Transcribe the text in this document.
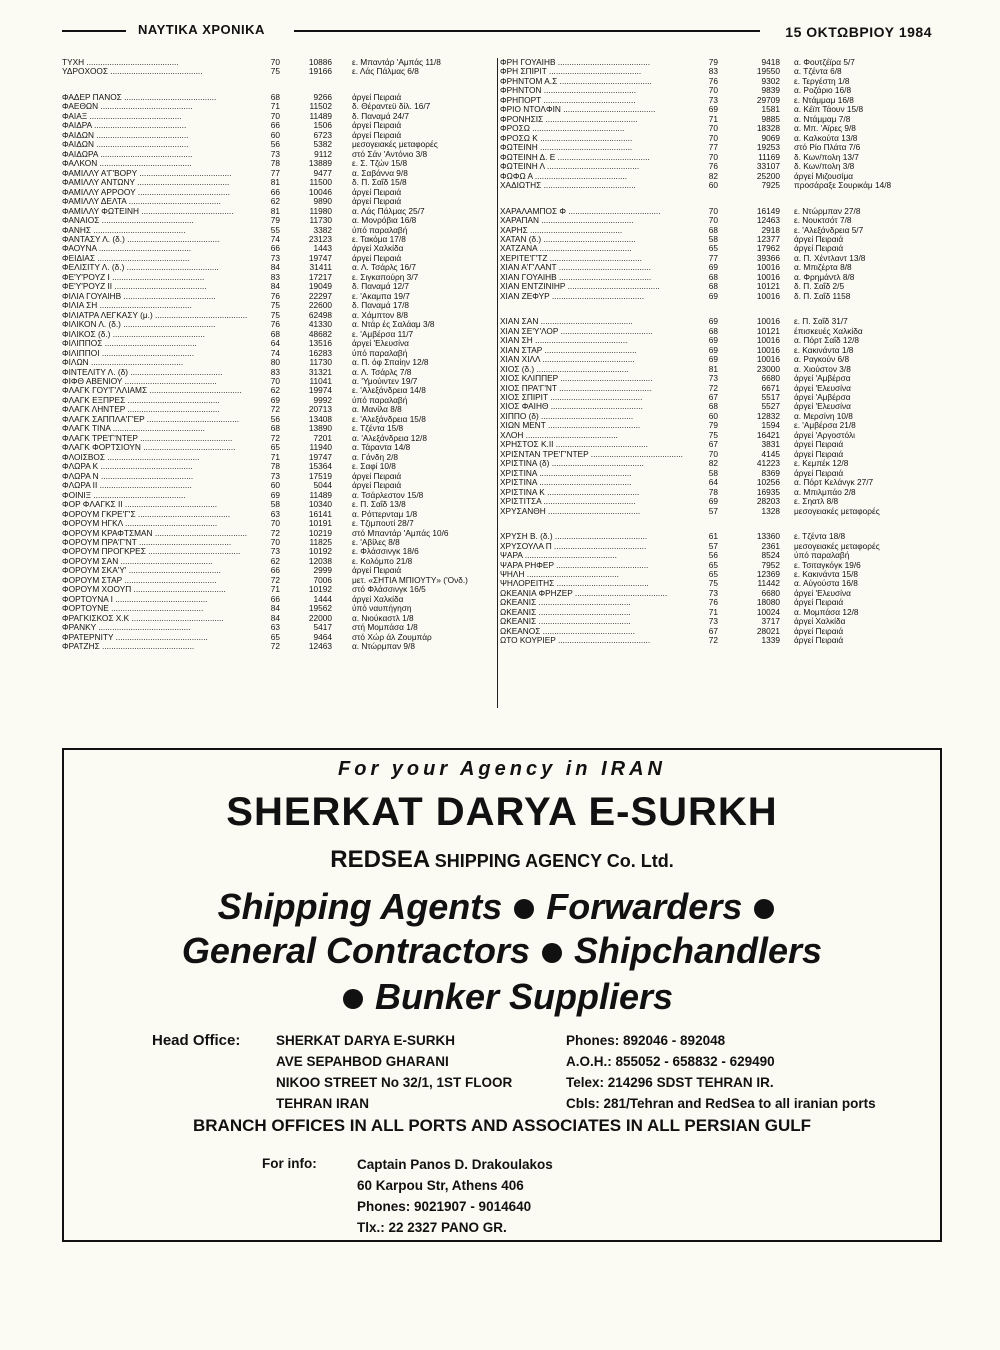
ΝΑΥΤΙΚΑ ΧΡΟΝΙΚΑ	15 ΟΚΤΩΒΡΙΟΥ 1984
ΤΥΧΗ ........................................	70	10886	ε. Μπαντάρ 'Αμπάς 11/8
ΥΔΡΟΧΟΟΣ ........................................	75	19166	ε. Λάς Πάλμας 6/8
ΦΑΔΕΡ ΠΑΝΟΣ ........................................	68	9266	άργεί Πειραιά
ΦΑΕΘΩΝ ........................................	71	11502	δ. Θέραντεϋ δίλ. 16/7
ΦΑΙΑΞ ........................................	70	11489	δ. Παναμά 24/7
ΦΑΙΔΡΑ ........................................	66	1506	άργεί Πειραιά
ΦΑΙΔΩΝ ........................................	60	6723	άργεί Πειραιά
ΦΑΙΔΩΝ ........................................	56	5382	μεσογειακές μεταφορές
ΦΑΙΔΩΡΑ ........................................	73	9112	στό Σάν 'Αντόνιο 3/8
ΦΑΛΚΟΝ ........................................	78	13889	ε. Σ. Τζών 15/8
ΦΑΜΙΛΛΥ Α'Γ'ΒΟΡΥ ........................................	77	9477	α. Σαβάννα 9/8
ΦΑΜΙΛΛΥ ΑΝΤΩΝΥ ........................................	81	11500	δ. Π. Σαΐδ 15/8
ΦΑΜΙΛΛΥ ΑΡΡΟΟΥ ........................................	66	10046	άργεί Πειραιά
ΦΑΜΙΛΛΥ ΔΕΛΤΑ ........................................	62	9890	άργεί Πειραιά
ΦΑΜΙΛΛΥ ΦΩΤΕΙΝΗ ........................................	81	11980	α. Λάς Πάλμας 25/7
ΦΑΝΑΙΟΣ ........................................	79	11730	α. Μονρόβια 16/8
ΦΑΝΗΣ ........................................	55	3382	ύπό παραλαβή
ΦΑΝΤΑΣΥ Λ. (δ.) ........................................	74	23123	ε. Τακόμα 17/8
ΦΑΟΥΝΑ ........................................	66	1443	άργεί Χαλκίδα
ΦΕΙΔΙΑΣ ........................................	73	19747	άργεί Πειραιά
ΦΕΛΙΣΙΤΥ Λ. (δ.) ........................................	84	31411	α. Λ. Τσάρλς 16/7
ΦΕ'Υ'ΡΟΥΖ Ι ........................................	83	17217	ε. Σιγκαπούρη 3/7
ΦΕ'Υ'ΡΟΥΖ ΙΙ ........................................	84	19049	δ. Παναμά 12/7
ΦΙΛΙΑ ΓΟΥΑΙΗΒ ........................................	76	22297	ε. 'Ακαμπα 19/7
ΦΙΛΙΑ ΣΗ ........................................	75	22600	δ. Παναμά 17/8
ΦΙΛΙΑΤΡΑ ΛΕΓΚΑΣΥ (μ.) ........................................	75	62498	α. Χάμπτον 8/8
ΦΙΛΙΚΟΝ Λ. (δ.) ........................................	76	41330	α. Ντάρ ές Σαλάαμ 3/8
ΦΙΛΙΚΟΣ (δ.) ........................................	68	48682	ε. 'Αμβέρσα 11/7
ΦΙΛΙΠΠΟΣ ........................................	64	13516	άργεί 'Ελευσίνα
ΦΙΛΙΠΠΟΙ ........................................	74	16283	ύπό παραλαβή
ΦΙΛΩΝ ........................................	80	11730	α. Π. όφ Σπαίην 12/8
ΦΙΝΤΕΛΙΤΥ Λ. (δ) ........................................	83	31321	α. Λ. Τσάρλς 7/8
ΦΙΦΘ ΑΒΕΝΙΟΥ ........................................	70	11041	α. 'Υμούιντεν 19/7
ΦΛΑΓΚ ΓΟΥ'Γ'ΛΛΙΑΜΣ ........................................	62	19974	ε. 'Αλεξάνδρεια 14/8
ΦΛΑΓΚ ΕΞΠΡΕΣ ........................................	69	9992	ύπό παραλαβή
ΦΛΑΓΚ ΛΗΝΤΕΡ ........................................	72	20713	α. Μανίλα 8/8
ΦΛΑΓΚ ΣΑΠΠΛΑ'Γ'ΕΡ ........................................	56	13408	ε. 'Αλεξάνδρεια 15/8
ΦΛΑΓΚ ΤΙΝΑ ........................................	68	13890	ε. Τζέντα 15/8
ΦΛΑΓΚ ΤΡΕ'Γ'ΝΤΕΡ ........................................	72	7201	α. 'Αλεξάνδρεια 12/8
ΦΛΑΓΚ ΦΟΡΤΣΙΟΥΝ ........................................	65	11940	α. Τάραντα 14/8
ΦΛΟΙΣΒΟΣ ........................................	71	19747	α. Γάνδη 2/8
ΦΛΩΡΑ Κ ........................................	78	15364	ε. Σαφί 10/8
ΦΛΩΡΑ Ν ........................................	73	17519	άργεί Πειραιά
ΦΛΩΡΑ ΙΙ ........................................	60	5044	άργεί Πειραιά
ΦΟΙΝΙΞ ........................................	69	11489	α. Τσάρλεστον 15/8
ΦΟΡ ΦΛΑΓΚΣ ΙΙ ........................................	58	10340	ε. Π. Σαΐδ 13/8
ΦΟΡΟΥΜ ΓΚΡΕ'Γ'Σ ........................................	63	16141	α. Ρόττερνταμ 1/8
ΦΟΡΟΥΜ ΗΓΚΛ ........................................	70	10191	ε. Τζιμπουτί 28/7
ΦΟΡΟΥΜ ΚΡΑΦΤΣΜΑΝ ........................................	72	10219	στό Μπαντάρ 'Αμπάς 10/6
ΦΟΡΟΥΜ ΠΡΑ'Γ'ΝΤ ........................................	70	11825	ε. 'Αβίλες 8/8
ΦΟΡΟΥΜ ΠΡΟΓΚΡΕΣ ........................................	73	10192	ε. Φλάσσινγκ 18/6
ΦΟΡΟΥΜ ΣΑΝ ........................................	62	12038	ε. Κολόμπο 21/8
ΦΟΡΟΥΜ ΣΚΑ'Υ' ........................................	66	2999	άργεί Πειραιά
ΦΟΡΟΥΜ ΣΤΑΡ ........................................	72	7006	μετ. «ΣΗΤΙΑ ΜΠΙΟΥΤΥ» ('Ονδ.)
ΦΟΡΟΥΜ ΧΟΟΥΠ ........................................	71	10192	στό Φλάσσινγκ 16/5
ΦΟΡΤΟΥΝΑ Ι ........................................	66	1444	άργεί Χαλκίδα
ΦΟΡΤΟΥΝΕ ........................................	84	19562	ύπό ναυπήγηση
ΦΡΑΓΚΙΣΚΟΣ Χ.Κ ........................................	84	22000	α. Νιούκαστλ 1/8
ΦΡΑΝΚΥ ........................................	63	5417	στή Μομπάσα 1/8
ΦΡΑΤΕΡΝΙΤΥ ........................................	65	9464	στό Χώρ άλ Ζουμπάρ
ΦΡΑΤΖΗΣ ........................................	72	12463	α. Ντώρμπαν 9/8
ΦΡΗ ΓΟΥΑΙΗΒ ........................................	79	9418	α. Φουτζέϊρα 5/7
ΦΡΗ ΣΠΙΡΙΤ ........................................	83	19550	α. Τζέντα 6/8
ΦΡΗΝΤΟΜ Α.Σ ........................................	76	9302	ε. Τεργέστη 1/8
ΦΡΗΝΤΟΝ ........................................	70	9839	α. Ροζάριο 16/8
ΦΡΗΠΟΡΤ ........................................	73	29709	ε. Ντάμμαμ 16/8
ΦΡΙΟ ΝΤΟΛΦΙΝ ........................................	69	1581	α. Κέϊπ Τάουν 15/8
ΦΡΟΝΗΣΙΣ ........................................	71	9885	α. Ντάμμαμ 7/8
ΦΡΟΣΩ ........................................	70	18328	α. Μπ. 'Αϊρες 9/8
ΦΡΟΣΩ Κ ........................................	70	9069	α. Καλκούτα 13/8
ΦΩΤΕΙΝΗ ........................................	77	19253	στό Ρίο Πλάτα 7/6
ΦΩΤΕΙΝΗ Δ. Ε ........................................	70	11169	δ. Κων/πολη 13/7
ΦΩΤΕΙΝΗ Λ ........................................	76	33107	δ. Κων/πολη 3/8
ΦΩΦΩ Α ........................................	82	25200	άργεί Μιζουσίμα
ΧΑΔΙΩΤΗΣ ........................................	60	7925	προσάραξε Σουρικάμ 14/8
ΧΑΡΑΛΑΜΠΟΣ Φ ........................................	70	16149	ε. Ντώρμπαν 27/8
ΧΑΡΑΠΑΝ ........................................	70	12463	ε. Νουκτσότ 7/8
ΧΑΡΗΣ ........................................	68	2918	ε. 'Αλεξάνδρεια 5/7
ΧΑΤΑΝ (δ.) ........................................	58	12377	άργεί Πειραιά
ΧΑΤΖΑΝΑ ........................................	65	17962	άργεί Πειραιά
ΧΕΡΙΤΕ'Γ'ΤΖ ........................................	77	39366	α. Π. Χέντλαντ 13/8
ΧΙΑΝ Α'Γ'ΛΑΝΤ ........................................	69	10016	α. Μπιζέρτα 8/8
ΧΙΑΝ ΓΟΥΑΙΗΒ ........................................	68	10016	α. Φρημάντλ 8/8
ΧΙΑΝ ΕΝΤΖΙΝΙΗΡ ........................................	68	10121	δ. Π. Σαΐδ 2/5
ΧΙΑΝ ΖΕΦΥΡ ........................................	69	10016	δ. Π. Σαΐδ 1158
ΧΙΑΝ ΣΑΝ ........................................	69	10016	ε. Π. Σαΐδ 31/7
ΧΙΑΝ ΣΕ'Υ'ΛΟΡ ........................................	68	10121	έπισκευές Χαλκίδα
ΧΙΑΝ ΣΗ ........................................	69	10016	α. Πόρτ Σαΐδ 12/8
ΧΙΑΝ ΣΤΑΡ ........................................	69	10016	ε. Κακινάντα 1/8
ΧΙΑΝ ΧΙΛΛ ........................................	69	10016	α. Ραγκούν 6/8
ΧΙΟΣ (δ.) ........................................	81	23000	α. Χιούστον 3/8
ΧΙΟΣ ΚΛΙΠΠΕΡ ........................................	73	6680	άργεί 'Αμβέρσα
ΧΙΟΣ ΠΡΑ'Γ'ΝΤ ........................................	72	6671	άργεί 'Ελευσίνα
ΧΙΟΣ ΣΠΙΡΙΤ ........................................	67	5517	άργεί 'Αμβέρσα
ΧΙΟΣ ΦΑΙΗΘ ........................................	68	5527	άργεί 'Ελευσίνα
ΧΙΠΠΟ (δ) ........................................	60	12832	α. Μερσίνη 10/8
ΧΙΩΝ ΜΕΝΤ ........................................	79	1594	ε. 'Αμβέρσα 21/8
ΧΛΟΗ ........................................	75	16421	άργεί 'Αργοστόλι
ΧΡΗΣΤΟΣ Κ.ΙΙ ........................................	67	3831	άργεί Πειραιά
ΧΡΙΣΝΤΑΝ ΤΡΕ'Γ'ΝΤΕΡ ........................................	70	4145	άργεί Πειραιά
ΧΡΙΣΤΙΝΑ (δ) ........................................	82	41223	ε. Κεμπέκ 12/8
ΧΡΙΣΤΙΝΑ ........................................	58	8369	άργεί Πειραιά
ΧΡΙΣΤΙΝΑ ........................................	64	10256	α. Πόρτ Κελάνγκ 27/7
ΧΡΙΣΤΙΝΑ Κ ........................................	78	16935	α. Μπιλμπάο 2/8
ΧΡΙΣΤΙΤΣΑ ........................................	69	28203	ε. Σηατλ 8/8
ΧΡΥΣΑΝΘΗ ........................................	57	1328	μεσογειακές μεταφορές
ΧΡΥΣΗ Β. (δ.) ........................................	61	13360	ε. Τζέντα 18/8
ΧΡΥΣΟΥΛΑ Π ........................................	57	2361	μεσογειακές μεταφορές
ΨΑΡΑ ........................................	56	8524	ύπό παραλαβή
ΨΑΡΑ ΡΗΦΕΡ ........................................	65	7952	ε. Τσιταγκόγκ 19/6
ΨΗΛΗ ........................................	65	12369	ε. Κακινάντα 15/8
ΨΗΛΟΡΕΙΤΗΣ ........................................	75	11442	α. Αύγούστα 16/8
ΩΚΕΑΝΙΑ ΦΡΗΖΕΡ ........................................	73	6680	άργεί 'Ελευσίνα
ΩΚΕΑΝΙΣ ........................................	76	18080	άργεί Πειραιά
ΩΚΕΑΝΙΣ ........................................	71	10024	α. Μομπάσα 12/8
ΩΚΕΑΝΙΣ ........................................	73	3717	άργεί Χαλκίδα
ΩΚΕΑΝΟΣ ........................................	67	28021	άργεί Πειραιά
ΩΤΟ ΚΟΥΡΙΕΡ ........................................	72	1339	άργεί Πειραιά
For your Agency in IRAN
SHERKAT DARYA E-SURKH
REDSEA SHIPPING AGENCY Co. Ltd.
Shipping Agents Forwarders
General Contractors Shipchandlers
Bunker Suppliers
Head Office:	SHERKAT DARYA E-SURKH
AVE SEPAHBOD GHARANI
NIKOO STREET No 32/1, 1ST FLOOR
TEHRAN IRAN
Phones: 892046 - 892048
A.O.H.: 855052 - 658832 - 629490
Telex: 214296 SDST TEHRAN IR.
Cbls: 281/Tehran and RedSea to all iranian ports
BRANCH OFFICES IN ALL PORTS AND ASSOCIATES IN ALL PERSIAN GULF
For info:	Captain Panos D. Drakoulakos
60 Karpou Str, Athens 406
Phones: 9021907 - 9014640
Tlx.: 22 2327 PANO GR.
